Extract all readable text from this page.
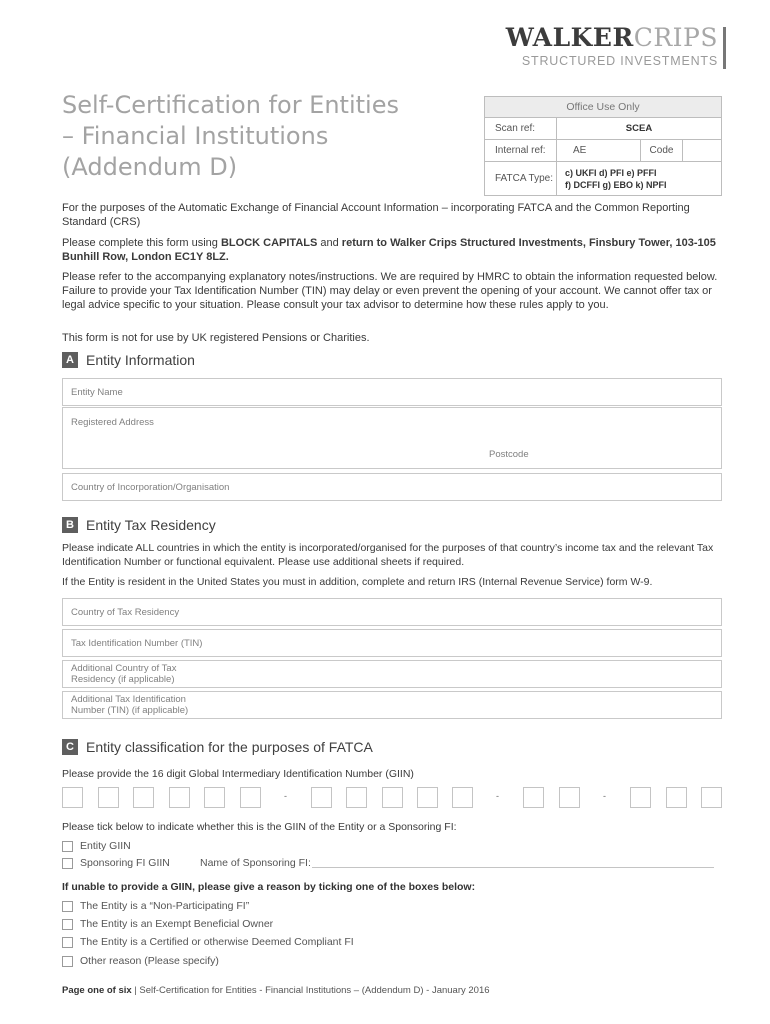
WALKERCRIPS
STRUCTURED INVESTMENTS
Self-Certification for Entities
– Financial Institutions
(Addendum D)
Office Use Only
Scan ref:	SCEA
Internal ref:	AE	Code
FATCA Type:
c) UKFI d) PFI e) PFFI
f) DCFFI g) EBO k) NPFI
For the purposes of the Automatic Exchange of Financial Account Information – incorporating FATCA and the Common Reporting Standard (CRS)
Please complete this form using BLOCK CAPITALS and return to Walker Crips Structured Investments, Finsbury Tower, 103-105 Bunhill Row, London EC1Y 8LZ.
Please refer to the accompanying explanatory notes/instructions. We are required by HMRC to obtain the information requested below. Failure to provide your Tax Identification Number (TIN) may delay or even prevent the opening of your account. We cannot offer tax or legal advice specific to your situation. Please consult your tax advisor to determine how these rules apply to you.
This form is not for use by UK registered Pensions or Charities.
A Entity Information
Entity Name
Registered Address
Postcode
Country of Incorporation/Organisation
B Entity Tax Residency
Please indicate ALL countries in which the entity is incorporated/organised for the purposes of that country’s income tax and the relevant Tax Identification Number or functional equivalent. Please use additional sheets if required.
If the Entity is resident in the United States you must in addition, complete and return IRS (Internal Revenue Service) form W-9.
Country of Tax Residency
Tax Identification Number (TIN)
Additional Country of Tax
Residency (if applicable)
Additional Tax Identification
Number (TIN) (if applicable)
C Entity classification for the purposes of FATCA
Please provide the 16 digit Global Intermediary Identification Number (GIIN)
-	-	-
Please tick below to indicate whether this is the GIIN of the Entity or a Sponsoring FI:
Entity GIIN
Sponsoring FI GIIN	Name of Sponsoring FI:
If unable to provide a GIIN, please give a reason by ticking one of the boxes below:
The Entity is a “Non-Participating FI”
The Entity is an Exempt Beneficial Owner
The Entity is a Certified or otherwise Deemed Compliant FI
Other reason (Please specify)
Page one of six | Self-Certification for Entities - Financial Institutions – (Addendum D) - January 2016
